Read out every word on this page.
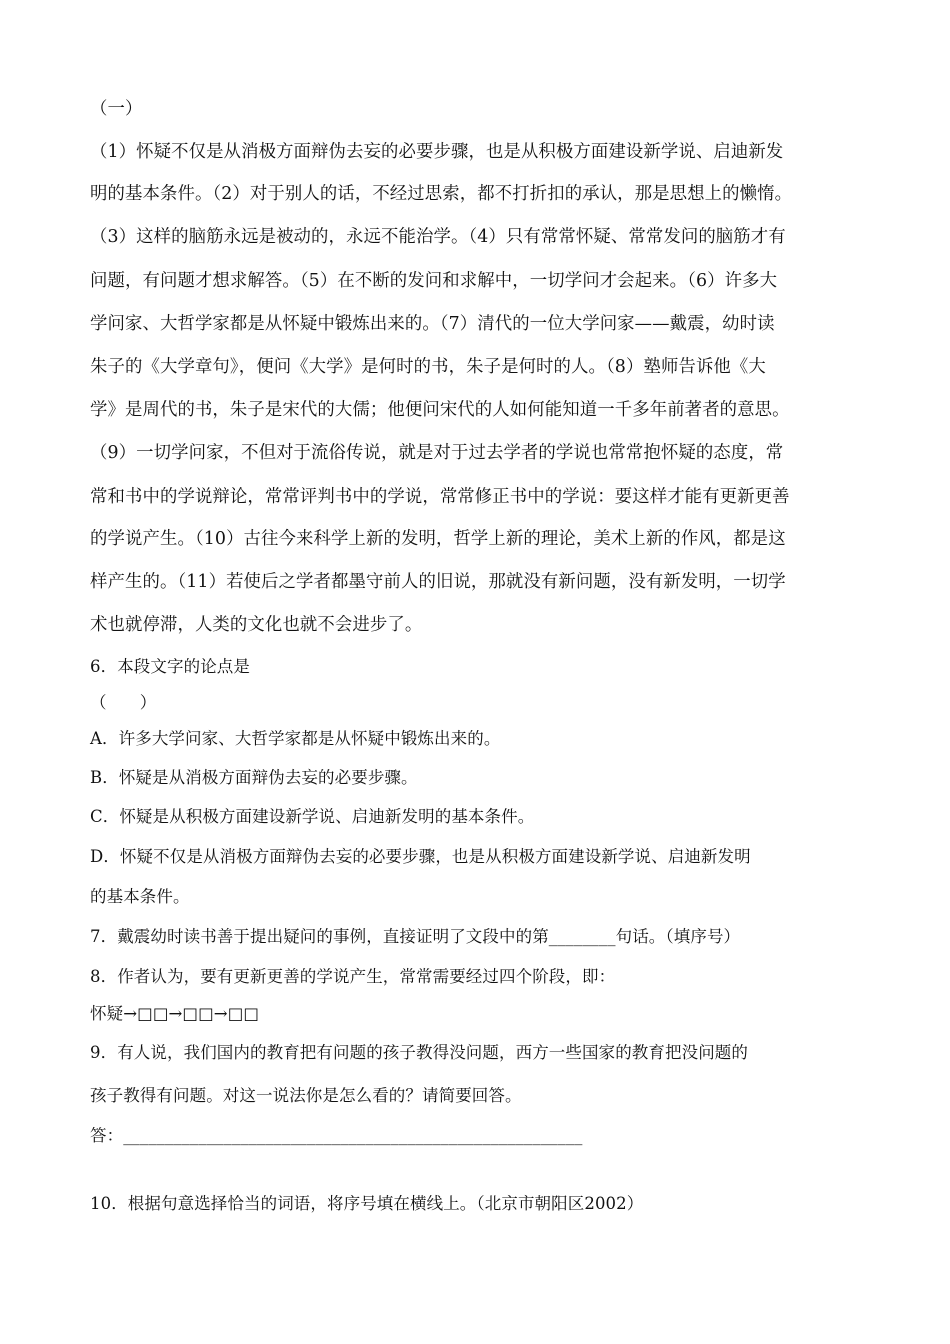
（一）
（1）怀疑不仅是从消极方面辩伪去妄的必要步骤，也是从积极方面建设新学说、启迪新发
明的基本条件。（2）对于别人的话，不经过思索，都不打折扣的承认，那是思想上的懒惰。
（3）这样的脑筋永远是被动的，永远不能治学。（4）只有常常怀疑、常常发问的脑筋才有
问题，有问题才想求解答。（5）在不断的发问和求解中，一切学问才会起来。（6）许多大
学问家、大哲学家都是从怀疑中锻炼出来的。（7）清代的一位大学问家——戴震，幼时读
朱子的《大学章句》，便问《大学》是何时的书，朱子是何时的人。（8）塾师告诉他《大
学》是周代的书，朱子是宋代的大儒；他便问宋代的人如何能知道一千多年前著者的意思。
（9）一切学问家，不但对于流俗传说，就是对于过去学者的学说也常常抱怀疑的态度，常
常和书中的学说辩论，常常评判书中的学说，常常修正书中的学说：要这样才能有更新更善
的学说产生。（10）古往今来科学上新的发明，哲学上新的理论，美术上新的作风，都是这
样产生的。（11）若使后之学者都墨守前人的旧说，那就没有新问题，没有新发明，一切学
术也就停滞，人类的文化也就不会进步了。
6．本段文字的论点是
（　　）
A．许多大学问家、大哲学家都是从怀疑中锻炼出来的。
B．怀疑是从消极方面辩伪去妄的必要步骤。
C．怀疑是从积极方面建设新学说、启迪新发明的基本条件。
D．怀疑不仅是从消极方面辩伪去妄的必要步骤，也是从积极方面建设新学说、启迪新发明
的基本条件。
7．戴震幼时读书善于提出疑问的事例，直接证明了文段中的第________句话。（填序号）
8．作者认为，要有更新更善的学说产生，常常需要经过四个阶段，即：
怀疑→□□→□□→□□
9．有人说，我们国内的教育把有问题的孩子教得没问题，西方一些国家的教育把没问题的
孩子教得有问题。对这一说法你是怎么看的？请简要回答。
答：_______________________________________________________
10．根据句意选择恰当的词语，将序号填在横线上。（北京市朝阳区2002）
